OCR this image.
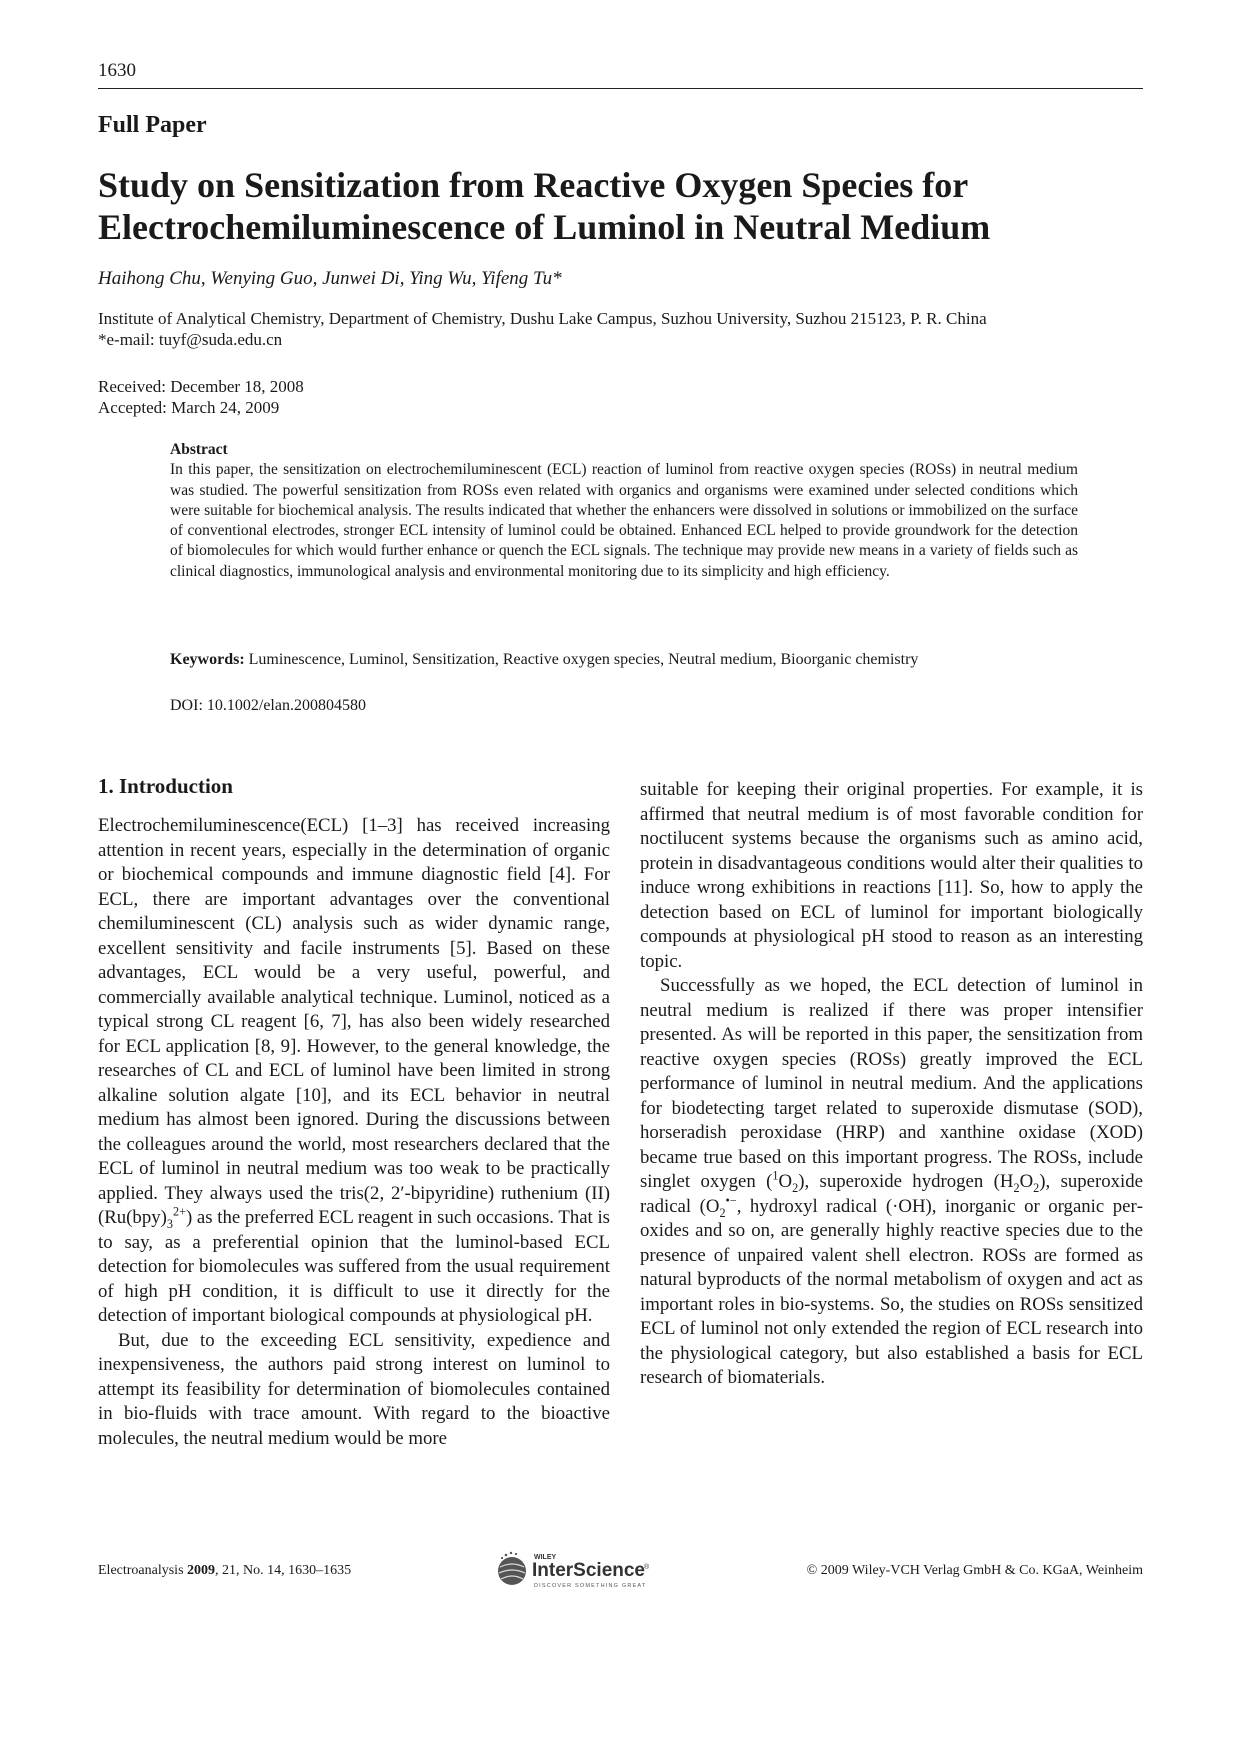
1630
Full Paper
Study on Sensitization from Reactive Oxygen Species for
Electrochemiluminescence of Luminol in Neutral Medium
Haihong Chu, Wenying Guo, Junwei Di, Ying Wu, Yifeng Tu*
Institute of Analytical Chemistry, Department of Chemistry, Dushu Lake Campus, Suzhou University, Suzhou 215123, P. R. China
*e-mail: tuyf@suda.edu.cn
Received: December 18, 2008
Accepted: March 24, 2009
Abstract
In this paper, the sensitization on electrochemiluminescent (ECL) reaction of luminol from reactive oxygen species (ROSs) in neutral medium was studied. The powerful sensitization from ROSs even related with organics and organisms were examined under selected conditions which were suitable for biochemical analysis. The results indicated that whether the enhancers were dissolved in solutions or immobilized on the surface of conventional electrodes, stronger ECL intensity of luminol could be obtained. Enhanced ECL helped to provide groundwork for the detection of biomolecules for which would further enhance or quench the ECL signals. The technique may provide new means in a variety of fields such as clinical diagnostics, immunological analysis and environmental monitoring due to its simplicity and high efficiency.
Keywords: Luminescence, Luminol, Sensitization, Reactive oxygen species, Neutral medium, Bioorganic chemistry
DOI: 10.1002/elan.200804580
1. Introduction

Electrochemiluminescence(ECL) [1–3] has received increasing attention in recent years, especially in the determination of organic or biochemical compounds and immune diagnostic field [4]. For ECL, there are important advantages over the conventional chemiluminescent (CL) analysis such as wider dynamic range, excellent sensitivity and facile instruments [5]. Based on these advantages, ECL would be a very useful, powerful, and commercially available analytical technique. Luminol, noticed as a typical strong CL reagent [6, 7], has also been widely researched for ECL application [8, 9]. However, to the general knowledge, the researches of CL and ECL of luminol have been limited in strong alkaline solution algate [10], and its ECL behavior in neutral medium has almost been ignored. During the discussions between the colleagues around the world, most researchers declared that the ECL of luminol in neutral medium was too weak to be practically applied. They always used the tris(2, 2′-bipyridine) ruthenium (II) $(Ru(bpy)_3^{2+})$ as the preferred ECL reagent in such occasions. That is to say, as a preferential opinion that the luminol-based ECL detection for biomolecules was suffered from the usual requirement of high pH condition, it is difficult to use it directly for the detection of important biological compounds at physiological pH.

But, due to the exceeding ECL sensitivity, expedience and inexpensiveness, the authors paid strong interest on luminol to attempt its feasibility for determination of biomolecules contained in bio-fluids with trace amount. With regard to the bioactive molecules, the neutral medium would be more

suitable for keeping their original properties. For example, it is affirmed that neutral medium is of most favorable condition for noctilucent systems because the organisms such as amino acid, protein in disadvantageous conditions would alter their qualities to induce wrong exhibitions in reactions [11]. So, how to apply the detection based on ECL of luminol for important biologically compounds at physiological pH stood to reason as an interesting topic.

Successfully as we hoped, the ECL detection of luminol in neutral medium is realized if there was proper intensifier presented. As will be reported in this paper, the sensitization from reactive oxygen species (ROSs) greatly improved the ECL performance of luminol in neutral medium. And the applications for biodetecting target related to superoxide dismutase (SOD), horseradish peroxidase (HRP) and xanthine oxidase (XOD) became true based on this important progress. The ROSs, include singlet oxygen $(^1O_2)$, superoxide hydrogen $(H_2O_2)$, superoxide radical ($O_2^{•-}$, hydroxyl radical (·OH), inorganic or organic peroxides and so on, are generally highly reactive species due to the presence of unpaired valent shell electron. ROSs are formed as natural byproducts of the normal metabolism of oxygen and act as important roles in bio-systems. So, the studies on ROSs sensitized ECL of luminol not only extended the region of ECL research into the physiological category, but also established a basis for ECL research of biomaterials.

Electroanalysis 2009, 21, No. 14, 1630–1635
WILEY
InterScience ®
DISCOVER SOMETHING GREAT
© 2009 Wiley-VCH Verlag GmbH & Co. KGaA, Weinheim
